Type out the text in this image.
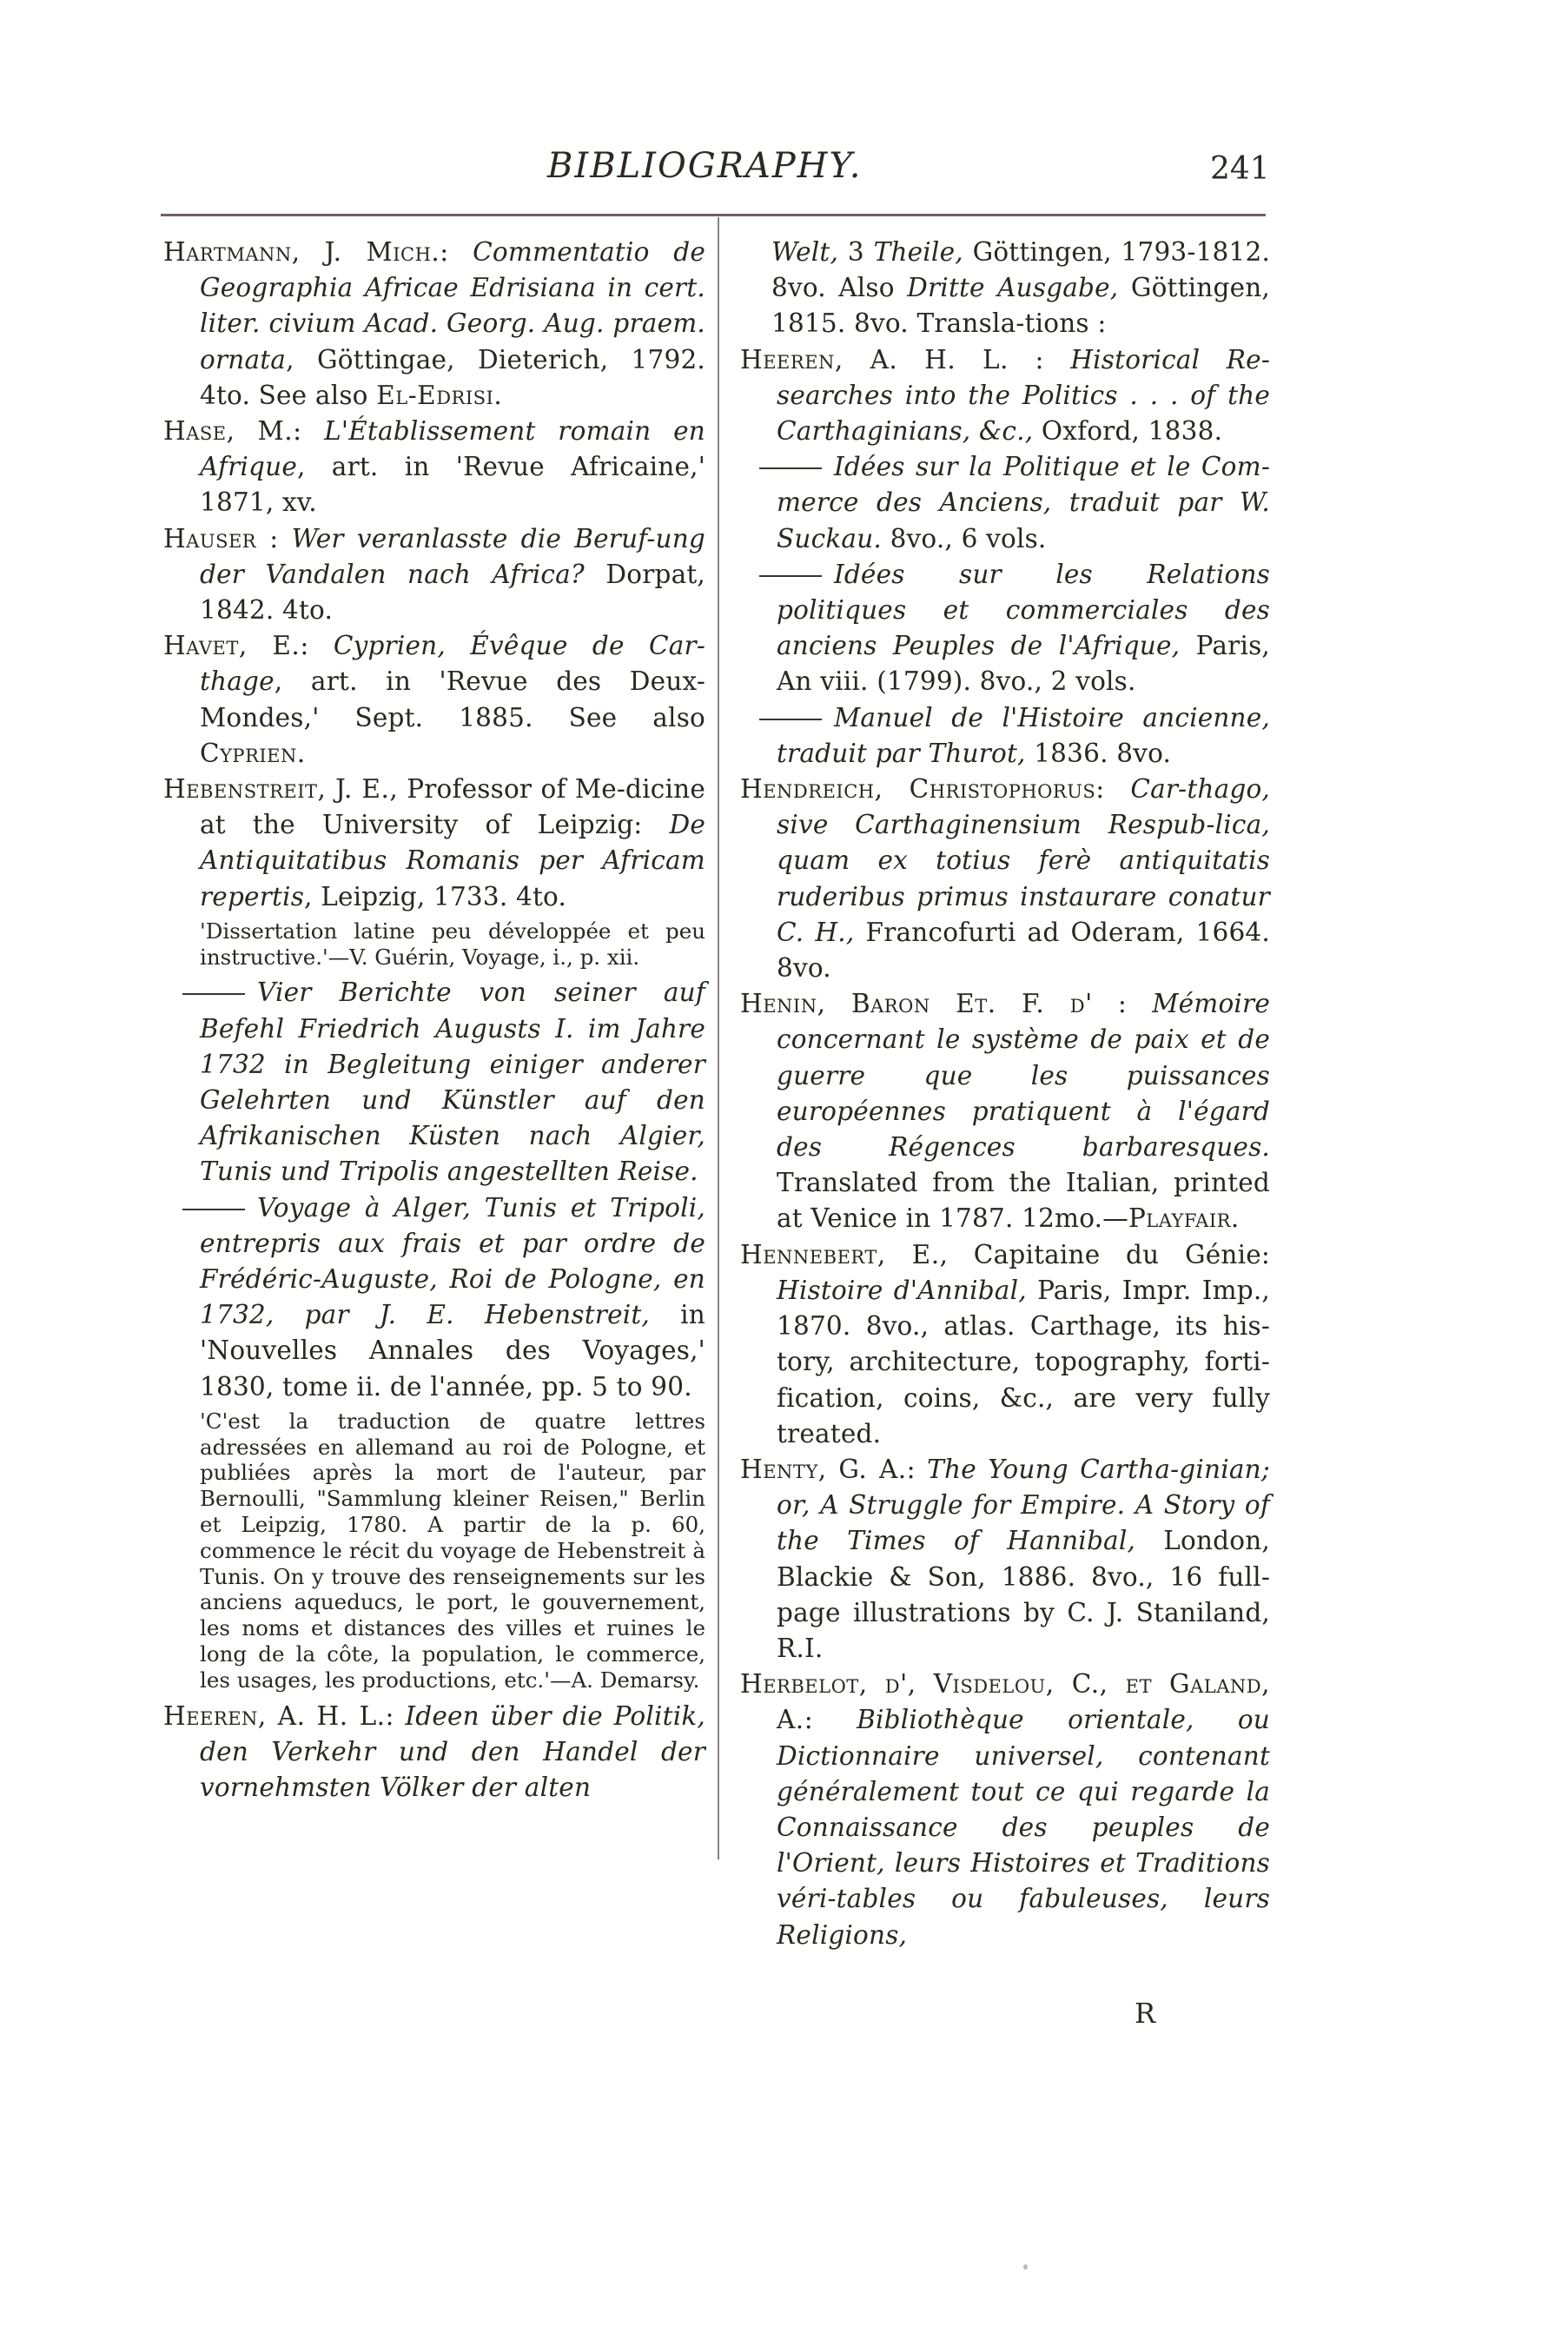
BIBLIOGRAPHY.	241

Hartmann, J. Mich.: Commentatio de Geographia Africae Edrisiana in cert. liter. civium Acad. Georg. Aug. praem. ornata, Göttingae, Dieterich, 1792. 4to. See also El-Edrisi.

Hase, M.: L'Établissement romain en Afrique, art. in 'Revue Africaine,' 1871, xv.

Hauser : Wer veranlasste die Beruf-ung der Vandalen nach Africa? Dorpat, 1842. 4to.

Havet, E.: Cyprien, Évêque de Car-thage, art. in 'Revue des Deux-Mondes,' Sept. 1885. See also Cyprien.

Hebenstreit, J. E., Professor of Me-dicine at the University of Leipzig: De Antiquitatibus Romanis per Africam repertis, Leipzig, 1733. 4to.

'Dissertation latine peu développée et peu instructive.'—V. Guérin, Voyage, i., p. xii.

Vier Berichte von seiner auf Befehl Friedrich Augusts I. im Jahre 1732 in Begleitung einiger anderer Gelehrten und Künstler auf den Afrikanischen Küsten nach Algier, Tunis und Tripolis angestellten Reise.

Voyage à Alger, Tunis et Tripoli, entrepris aux frais et par ordre de Frédéric-Auguste, Roi de Pologne, en 1732, par J. E. Hebenstreit, in 'Nouvelles Annales des Voyages,' 1830, tome ii. de l'année, pp. 5 to 90.

'C'est la traduction de quatre lettres adressées en allemand au roi de Pologne, et publiées après la mort de l'auteur, par Bernoulli, "Sammlung kleiner Reisen," Berlin et Leipzig, 1780. A partir de la p. 60, commence le récit du voyage de Hebenstreit à Tunis. On y trouve des renseignements sur les anciens aqueducs, le port, le gouvernement, les noms et distances des villes et ruines le long de la côte, la population, le commerce, les usages, les productions, etc.'—A. Demarsy.

Heeren, A. H. L.: Ideen über die Politik, den Verkehr und den Handel der vornehmsten Völker der alten

Welt, 3 Theile, Göttingen, 1793-1812. 8vo. Also Dritte Ausgabe, Göttingen, 1815. 8vo. Transla-tions :

Heeren, A. H. L. : Historical Re-searches into the Politics . . . of the Carthaginians, &c., Oxford, 1838.

Idées sur la Politique et le Com-merce des Anciens, traduit par W. Suckau. 8vo., 6 vols.

Idées sur les Relations politiques et commerciales des anciens Peuples de l'Afrique, Paris, An viii. (1799). 8vo., 2 vols.

Manuel de l'Histoire ancienne, traduit par Thurot, 1836. 8vo.

Hendreich, Christophorus: Car-thago, sive Carthaginensium Respub-lica, quam ex totius ferè antiquitatis ruderibus primus instaurare conatur C. H., Francofurti ad Oderam, 1664. 8vo.

Henin, Baron Et. F. d' : Mémoire concernant le système de paix et de guerre que les puissances européennes pratiquent à l'égard des Régences barbaresques. Translated from the Italian, printed at Venice in 1787. 12mo.—Playfair.

Hennebert, E., Capitaine du Génie: Histoire d'Annibal, Paris, Impr. Imp., 1870. 8vo., atlas. Carthage, its his-tory, architecture, topography, forti-fication, coins, &c., are very fully treated.

Henty, G. A.: The Young Cartha-ginian; or, A Struggle for Empire. A Story of the Times of Hannibal, London, Blackie & Son, 1886. 8vo., 16 full-page illustrations by C. J. Staniland, R.I.

Herbelot, d', Visdelou, C., et Galand, A.: Bibliothèque orientale, ou Dictionnaire universel, contenant généralement tout ce qui regarde la Connaissance des peuples de l'Orient, leurs Histoires et Traditions véri-tables ou fabuleuses, leurs Religions,

R
